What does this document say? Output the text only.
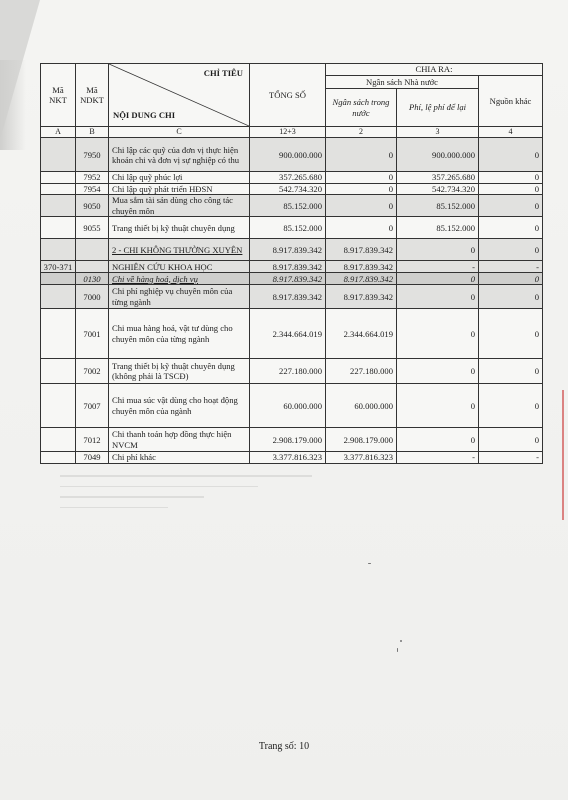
Mã NKT	Mã NDKT	CHỈ TIÊU
NỘI DUNG CHI	TỔNG SỐ	CHIA RA:		
				Ngân sách Nhà nước		Nguồn khác
				Ngân sách trong nước	Phí, lệ phí để lại	
A	B	C	12+3	2	3	4
	7950	Chi lập các quỹ của đơn vị thực hiện khoản chi và đơn vị sự nghiệp có thu	900.000.000	0	900.000.000	0
	7952	Chi lập quỹ phúc lợi	357.265.680	0	357.265.680	0
	7954	Chi lập quỹ phát triển HĐSN	542.734.320	0	542.734.320	0
	9050	Mua sắm tài sản dùng cho công tác chuyên môn	85.152.000	0	85.152.000	0
	9055	Trang thiết bị kỹ thuật chuyên dụng	85.152.000	0	85.152.000	0
		2 - CHI KHÔNG THƯỜNG XUYÊN	8.917.839.342	8.917.839.342	0	0
370-371		NGHIÊN CỨU KHOA HỌC	8.917.839.342	8.917.839.342	-	-
	0130	Chi về hàng hoá, dịch vụ	8.917.839.342	8.917.839.342	0	0
	7000	Chi phí nghiệp vụ chuyên môn của từng ngành	8.917.839.342	8.917.839.342	0	0
	7001	Chi mua hàng hoá, vật tư dùng cho chuyên môn của từng ngành	2.344.664.019	2.344.664.019	0	0
	7002	Trang thiết bị kỹ thuật chuyên dụng (không phải là TSCĐ)	227.180.000	227.180.000	0	0
	7007	Chi mua súc vật dùng cho hoạt động chuyên môn của ngành	60.000.000	60.000.000	0	0
	7012	Chi thanh toán hợp đồng thực hiện NVCM	2.908.179.000	2.908.179.000	0	0
	7049	Chi phí khác	3.377.816.323	3.377.816.323	-	-
Trang số: 10
